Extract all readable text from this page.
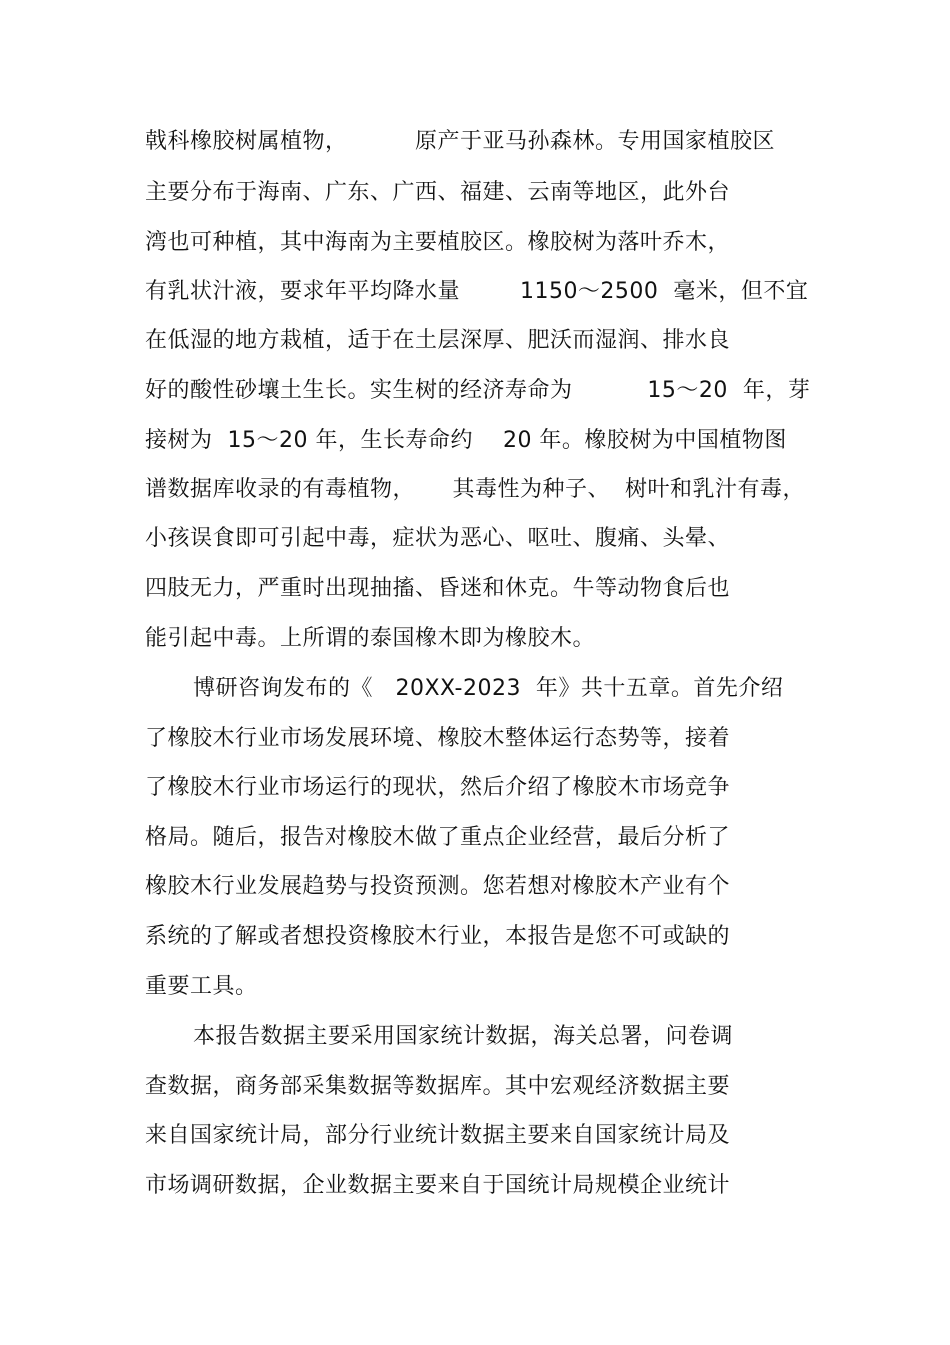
戟科橡胶树属植物，         原产于亚马孙森林。专用国家植胶区
主要分布于海南、广东、广西、福建、云南等地区，此外台
湾也可种植，其中海南为主要植胶区。橡胶树为落叶乔木，
有乳状汁液，要求年平均降水量        1150～2500  毫米，但不宜
在低湿的地方栽植，适于在土层深厚、肥沃而湿润、排水良
好的酸性砂壤土生长。实生树的经济寿命为          15～20  年，芽
接树为  15～20 年，生长寿命约    20 年。橡胶树为中国植物图
谱数据库收录的有毒植物，     其毒性为种子、  树叶和乳汁有毒，
小孩误食即可引起中毒，症状为恶心、呕吐、腹痛、头晕、
四肢无力，严重时出现抽搐、昏迷和休克。牛等动物食后也
能引起中毒。上所谓的泰国橡木即为橡胶木。
博研咨询发布的《   20XX-2023  年》共十五章。首先介绍
了橡胶木行业市场发展环境、橡胶木整体运行态势等，接着
了橡胶木行业市场运行的现状，然后介绍了橡胶木市场竞争
格局。随后，报告对橡胶木做了重点企业经营，最后分析了
橡胶木行业发展趋势与投资预测。您若想对橡胶木产业有个
系统的了解或者想投资橡胶木行业，本报告是您不可或缺的
重要工具。
本报告数据主要采用国家统计数据，海关总署，问卷调
查数据，商务部采集数据等数据库。其中宏观经济数据主要
来自国家统计局，部分行业统计数据主要来自国家统计局及
市场调研数据，企业数据主要来自于国统计局规模企业统计
